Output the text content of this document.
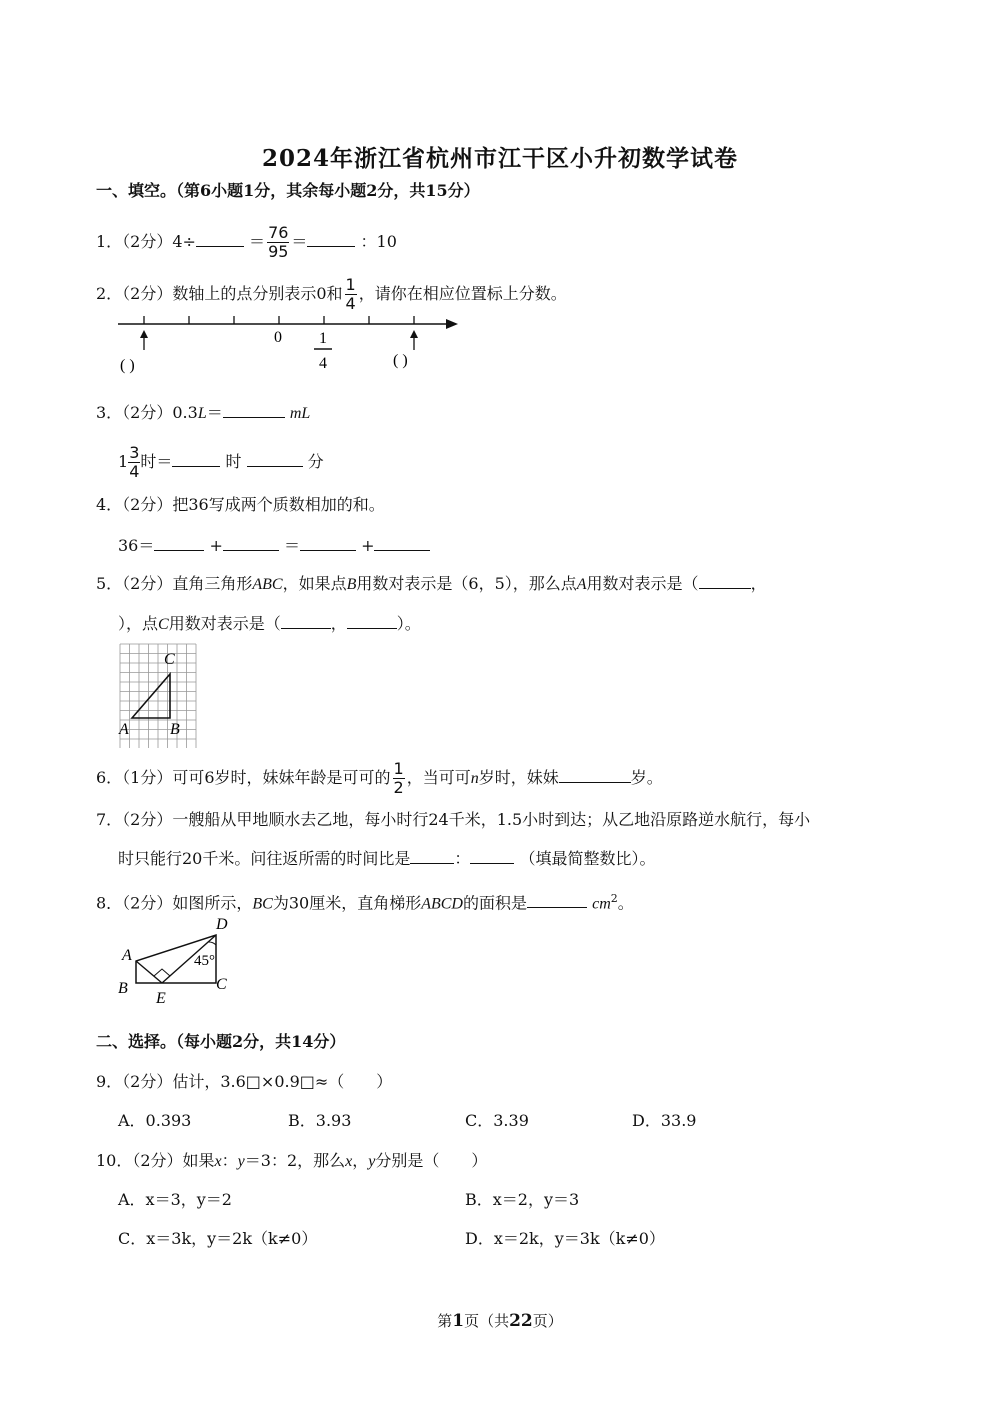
2024年浙江省杭州市江干区小升初数学试卷
一、填空。（第6小题1分，其余每小题2分，共15分）
1．（2分）4÷	＝ $\frac{76}{95}$ ＝	：10
2．（2分）数轴上的点分别表示0和 $\frac{1}{4}$ ，请你在相应位置标上分数。
0 1
4
( )	( )
3．（2分）0.3L＝	mL
$1 \frac{3}{4}$ 时＝	时	分
4．（2分）把36写成两个质数相加的和。
36＝	+	＝	+
5．（2分）直角三角形ABC，如果点B用数对表示是（6，5），那么点A用数对表示是（	，
），点C用数对表示是（	，	）。
C
A	B
6．（1分）可可6岁时，妹妹年龄是可可的 $\frac{1}{2}$ ，当可可n岁时，妹妹	岁。
7．（2分）一艘船从甲地顺水去乙地，每小时行24千米，1.5小时到达；从乙地沿原路逆水航行，每小
时只能行20千米。问往返所需的时间比是	：	（填最简整数比）。
8．（2分）如图所示，BC为30厘米，直角梯形ABCD的面积是	$cm^2$。
D
A
B	C
E
45°
二、选择。（每小题2分，共14分）
9．（2分）估计，3.6□×0.9□≈（　　）
A．0.393	B．3.93	C．3.39	D．33.9
10．（2分）如果x：y＝3：2，那么x，y分别是（　　）
A．x＝3，y＝2	B．x＝2，y＝3
C．x＝3k，y＝2k（k≠0）	D．x＝2k，y＝3k（k≠0）
第1页（共22页）
